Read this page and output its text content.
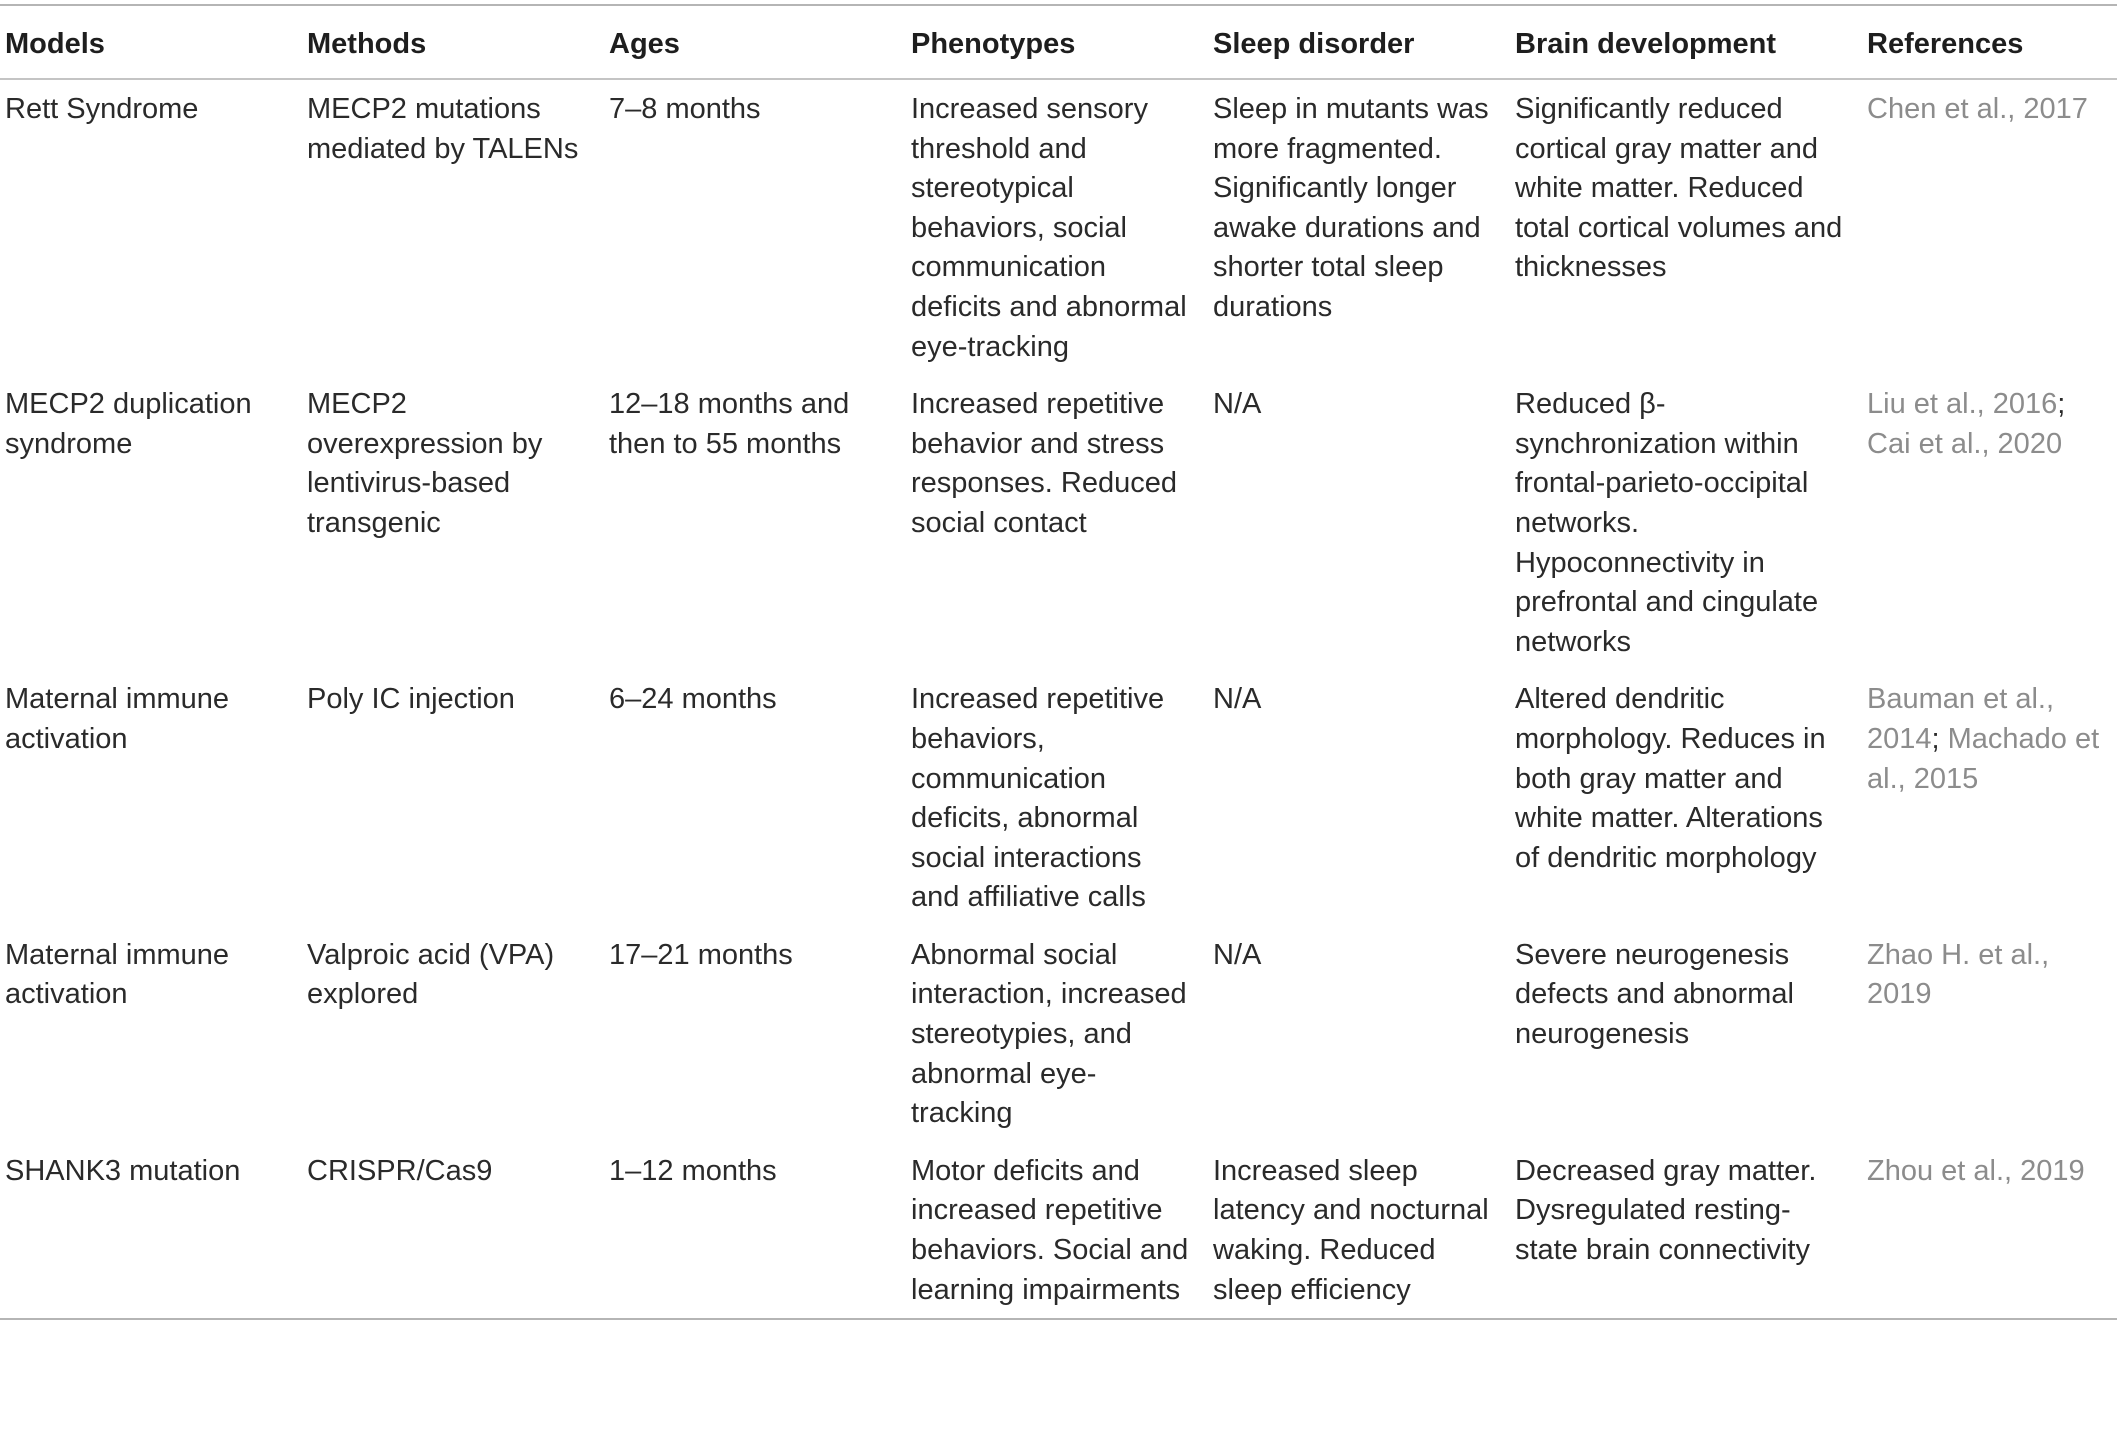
Models	Methods	Ages	Phenotypes	Sleep disorder	Brain development	References
Rett Syndrome	MECP2 mutations mediated by TALENs	7–8 months	Increased sensory threshold and stereotypical behaviors, social communication deficits and abnormal eye-tracking	Sleep in mutants was more fragmented. Significantly longer awake durations and shorter total sleep durations	Significantly reduced cortical gray matter and white matter. Reduced total cortical volumes and thicknesses	Chen et al., 2017
MECP2 duplication syndrome	MECP2 overexpression by lentivirus-based transgenic	12–18 months and then to 55 months	Increased repetitive behavior and stress responses. Reduced social contact	N/A	Reduced β-synchronization within frontal-parieto-occipital networks. Hypoconnectivity in prefrontal and cingulate networks	Liu et al., 2016; Cai et al., 2020
Maternal immune activation	Poly IC injection	6–24 months	Increased repetitive behaviors, communication deficits, abnormal social interactions and affiliative calls	N/A	Altered dendritic morphology. Reduces in both gray matter and white matter. Alterations of dendritic morphology	Bauman et al., 2014; Machado et al., 2015
Maternal immune activation	Valproic acid (VPA) explored	17–21 months	Abnormal social interaction, increased stereotypies, and abnormal eye-tracking	N/A	Severe neurogenesis defects and abnormal neurogenesis	Zhao H. et al., 2019
SHANK3 mutation	CRISPR/Cas9	1–12 months	Motor deficits and increased repetitive behaviors. Social and learning impairments	Increased sleep latency and nocturnal waking. Reduced sleep efficiency	Decreased gray matter. Dysregulated resting-state brain connectivity	Zhou et al., 2019
